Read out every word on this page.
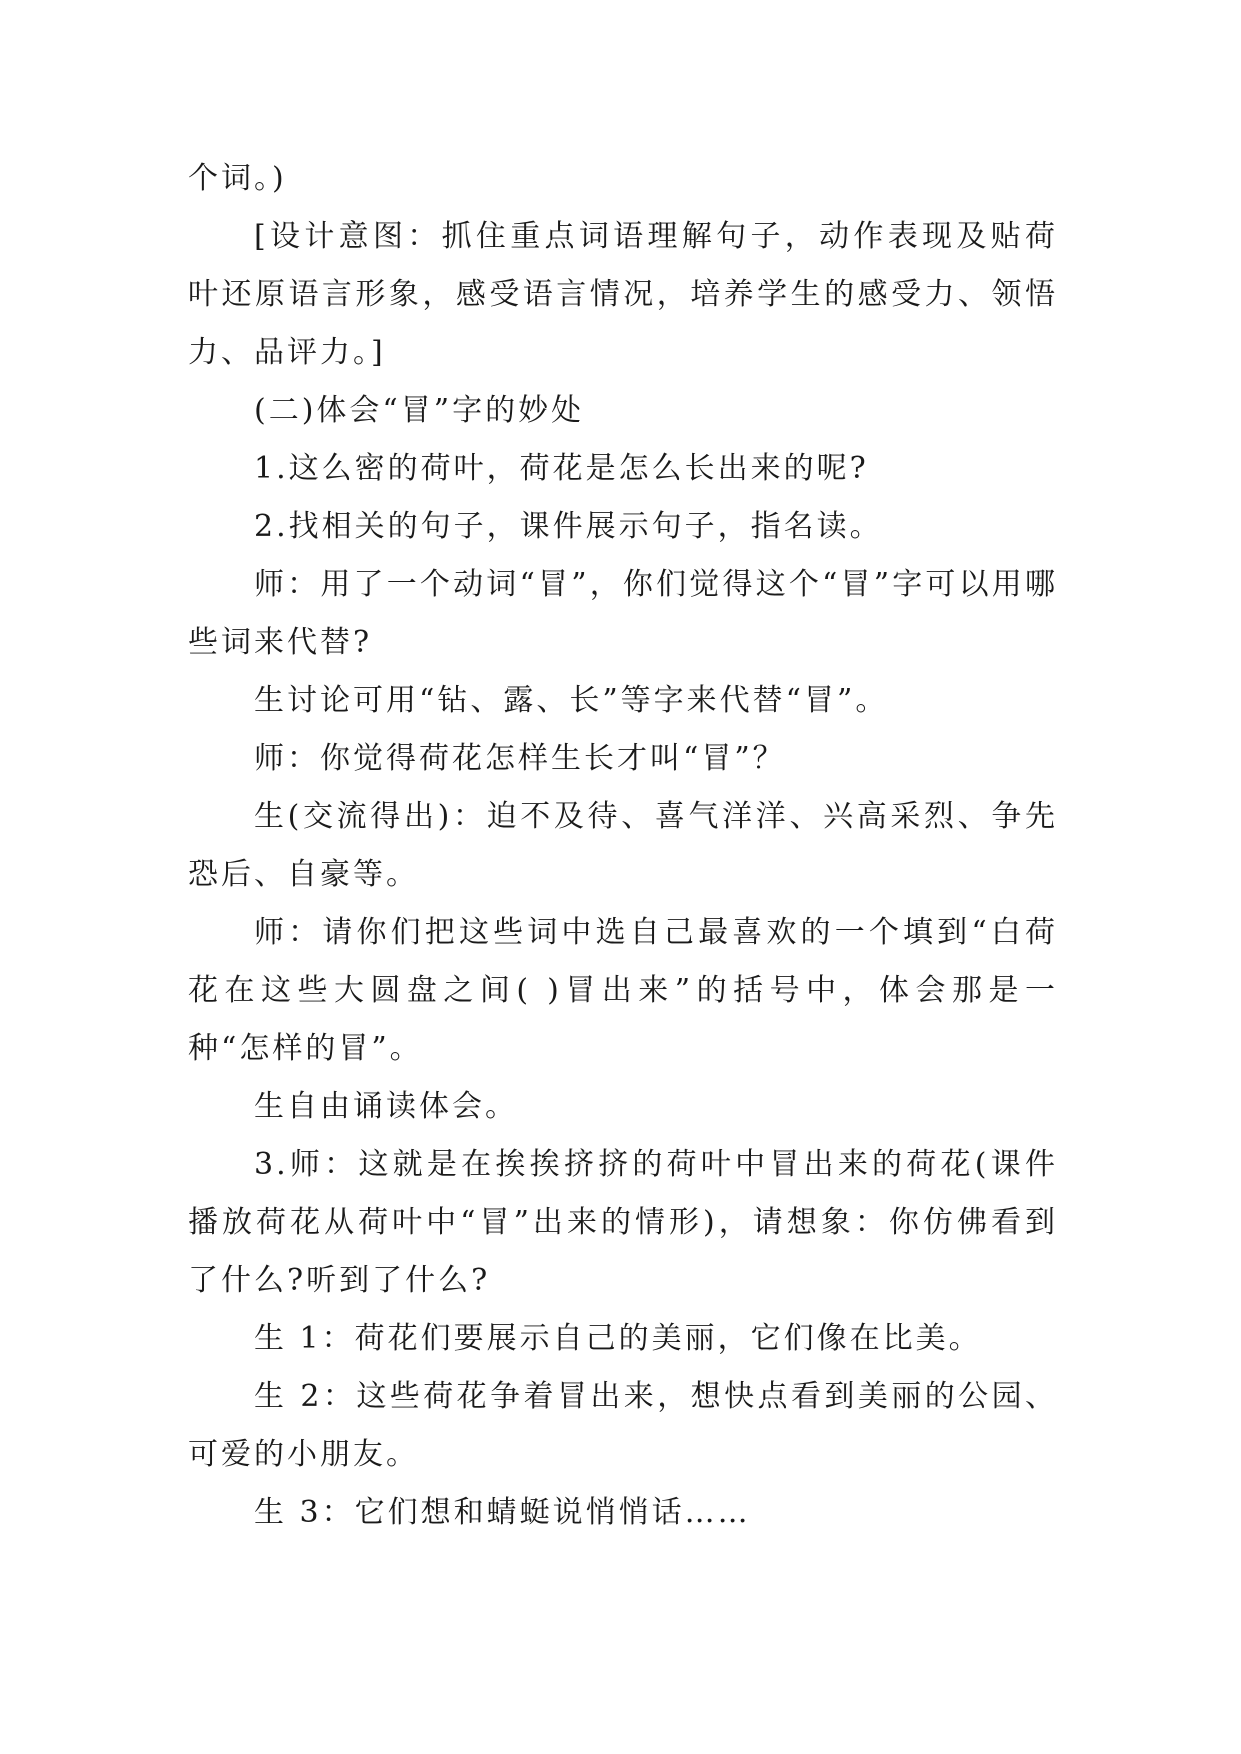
个词。)

[设计意图：抓住重点词语理解句子，动作表现及贴荷叶还原语言形象，感受语言情况，培养学生的感受力、领悟力、品评力。]

(二)体会“冒”字的妙处

1.这么密的荷叶，荷花是怎么长出来的呢?

2.找相关的句子，课件展示句子，指名读。

师：用了一个动词“冒”，你们觉得这个“冒”字可以用哪些词来代替?

生讨论可用“钻、露、长”等字来代替“冒”。

师：你觉得荷花怎样生长才叫“冒”？

生(交流得出)：迫不及待、喜气洋洋、兴高采烈、争先恐后、自豪等。

师：请你们把这些词中选自己最喜欢的一个填到“白荷花在这些大圆盘之间( )冒出来”的括号中，体会那是一种“怎样的冒”。

生自由诵读体会。

3.师：这就是在挨挨挤挤的荷叶中冒出来的荷花(课件播放荷花从荷叶中“冒”出来的情形)，请想象：你仿佛看到了什么?听到了什么?

生 1：荷花们要展示自己的美丽，它们像在比美。

生 2：这些荷花争着冒出来，想快点看到美丽的公园、可爱的小朋友。

生 3：它们想和蜻蜓说悄悄话……
